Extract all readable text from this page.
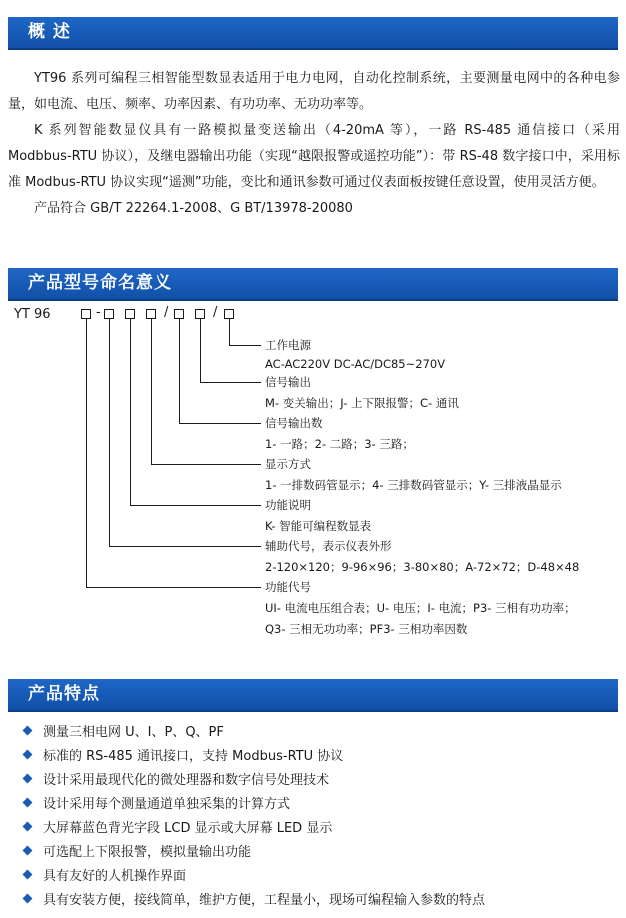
概 述

YT96 系列可编程三相智能型数显表适用于电力电网，自动化控制系统，主要测量电网中的各种电参量，如电流、电压、频率、功率因素、有功功率、无功功率等。

K 系列智能数显仪具有一路模拟量变送输出（4-20mA 等），一路 RS-485 通信接口（采用 Modbbus-RTU 协议），及继电器输出功能（实现“越限报警或遥控功能”）：带 RS-48 数字接口中，采用标准 Modbus-RTU 协议实现“遥测”功能，变比和通讯参数可通过仪表面板按键任意设置，使用灵活方便。

产品符合 GB/T 22264.1-2008、G BT/13978-20080

产品型号命名意义
YT 96	-	/	/
工作电源
AC-AC220V DC-AC/DC85~270V
信号输出
M- 变关输出；J- 上下限报警；C- 通讯
信号输出数
1- 一路；2- 二路；3- 三路；
显示方式
1- 一排数码管显示；4- 三排数码管显示；Y- 三排液晶显示
功能说明
K- 智能可编程数显表
辅助代号，表示仪表外形
2-120×120；9-96×96；3-80×80；A-72×72；D-48×48
功能代号
UI- 电流电压组合表；U- 电压；I- 电流；P3- 三相有功功率；
Q3- 三相无功功率；PF3- 三相功率因数
产品特点
测量三相电网 U、I、P、Q、PF
标准的 RS-485 通讯接口，支持 Modbus-RTU 协议
设计采用最现代化的微处理器和数字信号处理技术
设计采用每个测量通道单独采集的计算方式
大屏幕蓝色背光字段 LCD 显示或大屏幕 LED 显示
可选配上下限报警，模拟量输出功能
具有友好的人机操作界面
具有安装方便，接线简单，维护方便，工程量小，现场可编程输入参数的特点
